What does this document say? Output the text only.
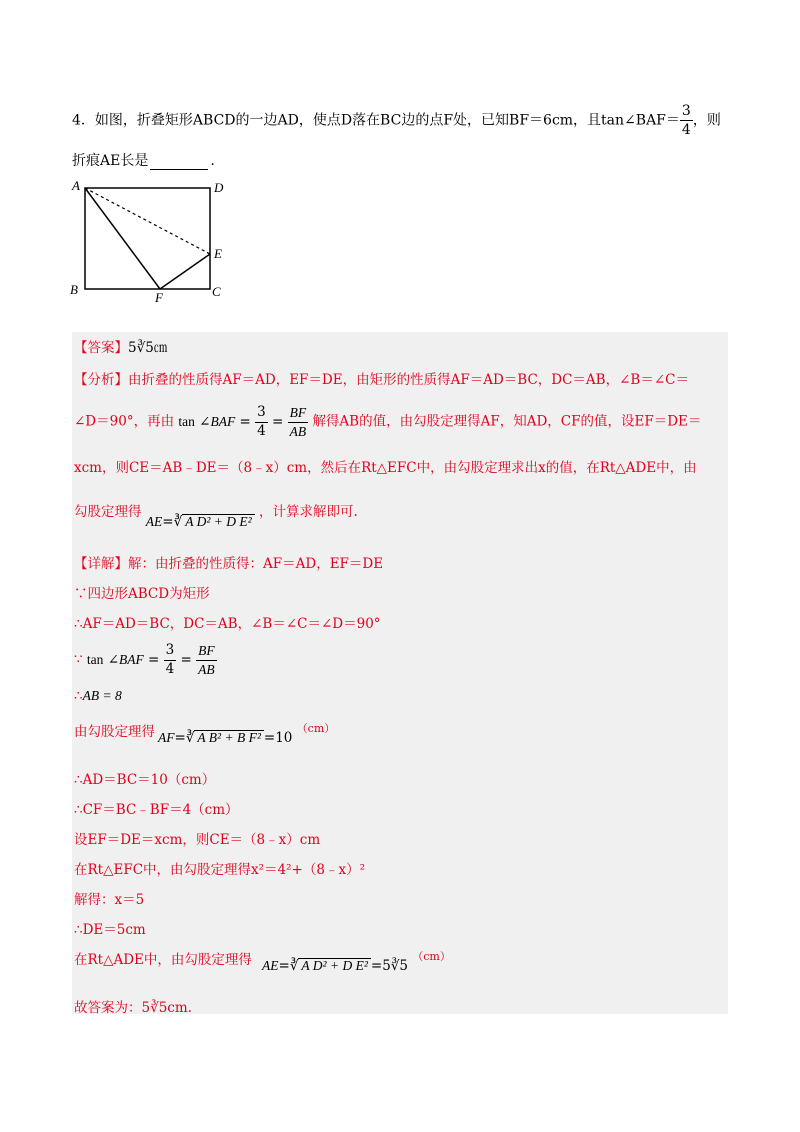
4．如图，折叠矩形ABCD的一边AD，使点D落在BC边的点F处，已知BF＝6cm，且tan∠BAF＝ $\frac{3}{4}$ ，则
折痕AE长是	.
A	D
E
B
F	C
【答案】5∛5㎝
【分析】由折叠的性质得AF＝AD，EF＝DE，由矩形的性质得AF＝AD＝BC，DC＝AB，∠B＝∠C＝
∠D＝90°，再由 tan ∠BAF = $\frac{3}{4} = \frac{BF}{AB}$ 解得AB的值，由勾股定理得AF，知AD，CF的值，设EF＝DE＝
xcm，则CE＝AB﹣DE＝（8﹣x）cm，然后在Rt△EFC中，由勾股定理求出x的值，在Rt△ADE中，由
勾股定理得 AE=∛ A D² + D E² ，计算求解即可.
【详解】解：由折叠的性质得：AF＝AD，EF＝DE
∵四边形ABCD为矩形
∴AF＝AD＝BC，DC＝AB，∠B＝∠C＝∠D＝90°
∵ tan ∠BAF = $\frac{3}{4} = \frac{BF}{AB}$
∴AB = 8
由勾股定理得 AF=∛ A B² + B F² =10 $^{(cm)}$
∴AD＝BC＝10（cm）
∴CF＝BC﹣BF＝4（cm）
设EF＝DE＝xcm，则CE＝（8﹣x）cm
在Rt△EFC中，由勾股定理得x²＝4²+（8﹣x）²
解得：x＝5
∴DE＝5cm
在Rt△ADE中，由勾股定理得 AE=∛ A D² + D E² =5∛5 $^{(cm)}$
故答案为：5∛5cm.
